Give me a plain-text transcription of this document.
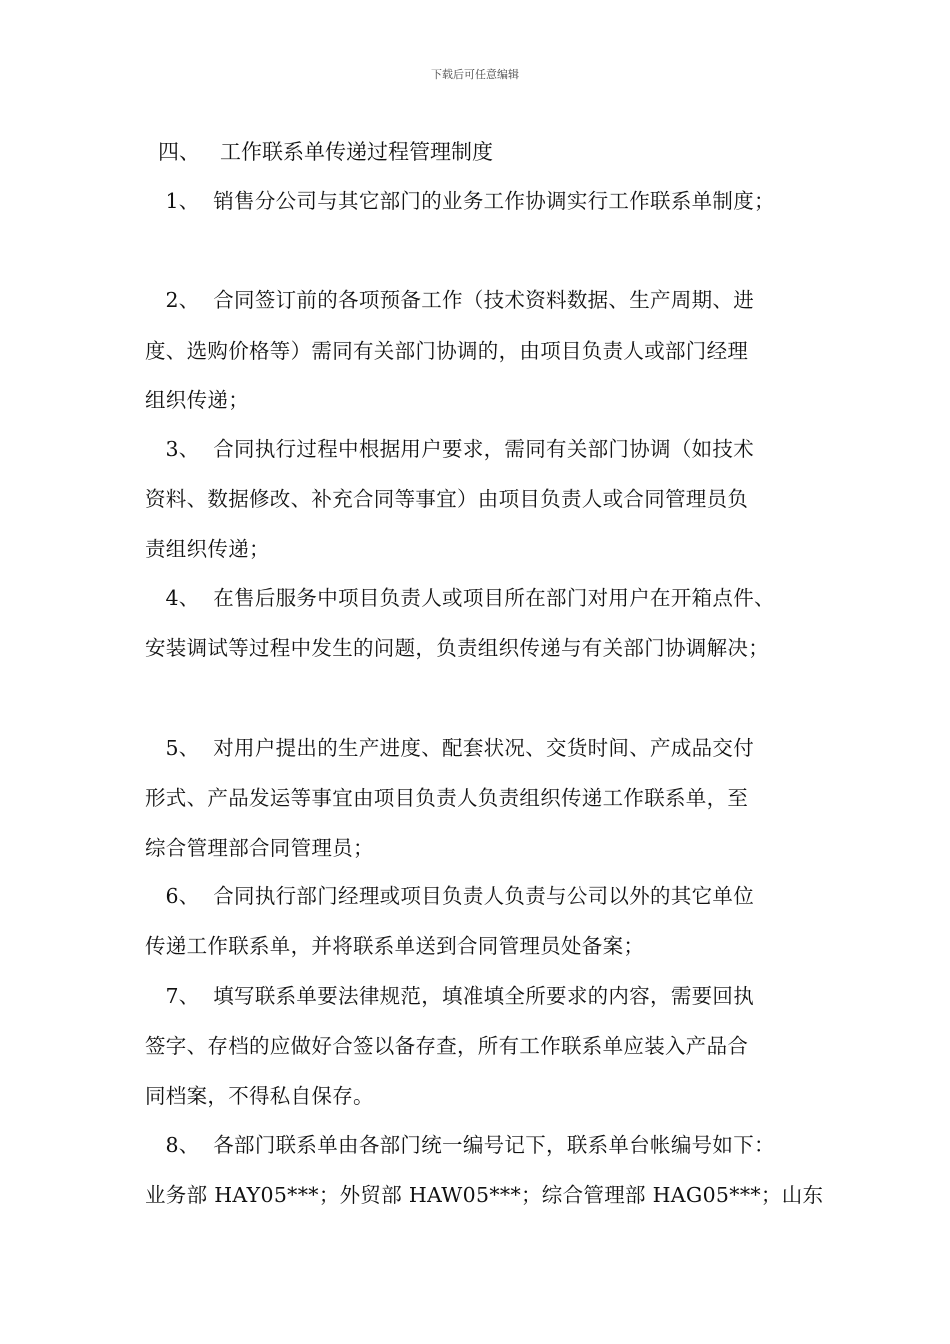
下载后可任意编辑
四、   工作联系单传递过程管理制度
1、  销售分公司与其它部门的业务工作协调实行工作联系单制度；
2、  合同签订前的各项预备工作（技术资料数据、生产周期、进
度、选购价格等）需同有关部门协调的，由项目负责人或部门经理
组织传递；
3、  合同执行过程中根据用户要求，需同有关部门协调（如技术
资料、数据修改、补充合同等事宜）由项目负责人或合同管理员负
责组织传递；
4、  在售后服务中项目负责人或项目所在部门对用户在开箱点件、
安装调试等过程中发生的问题，负责组织传递与有关部门协调解决；
5、  对用户提出的生产进度、配套状况、交货时间、产成品交付
形式、产品发运等事宜由项目负责人负责组织传递工作联系单，至
综合管理部合同管理员；
6、  合同执行部门经理或项目负责人负责与公司以外的其它单位
传递工作联系单，并将联系单送到合同管理员处备案；
7、  填写联系单要法律规范，填准填全所要求的内容，需要回执
签字、存档的应做好合签以备存查，所有工作联系单应装入产品合
同档案，不得私自保存。
8、  各部门联系单由各部门统一编号记下，联系单台帐编号如下：
业务部 HAY05***；外贸部 HAW05***；综合管理部 HAG05***；山东
